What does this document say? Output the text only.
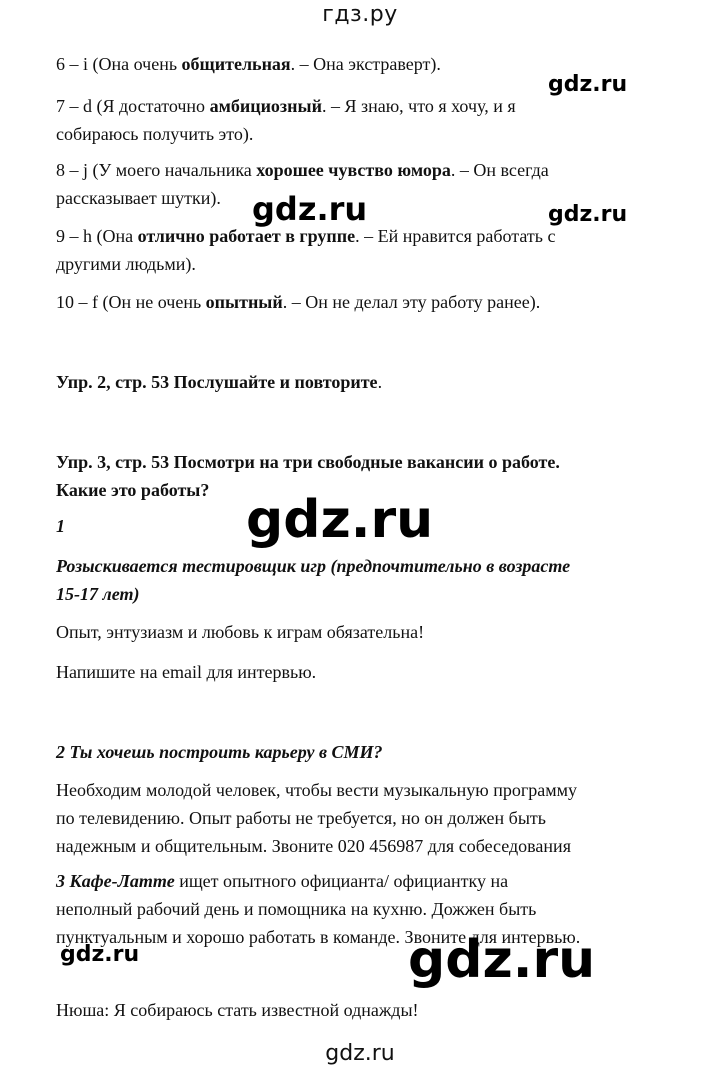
гдз.ру
6 – i (Она очень общительная. – Она экстраверт).
7 – d (Я достаточно амбициозный. – Я знаю, что я хочу, и я
собираюсь получить это).
8 – j (У моего начальника хорошее чувство юмора. – Он всегда
рассказывает шутки).
9 – h (Она отлично работает в группе. – Ей нравится работать с
другими людьми).
10 – f (Он не очень опытный. – Он не делал эту работу ранее).
Упр. 2, стр. 53 Послушайте и повторите.
Упр. 3, стр. 53 Посмотри на три свободные вакансии о работе.
Какие это работы?
1
Розыскивается тестировщик игр (предпочтительно в возрасте
15-17 лет)
Опыт, энтузиазм и любовь к играм обязательна!
Напишите на email для интервью.
2 Ты хочешь построить карьеру в СМИ?
Необходим молодой человек, чтобы вести музыкальную программу
по телевидению. Опыт работы не требуется, но он должен быть
надежным и общительным. Звоните 020 456987 для собеседования
3 Кафе-Латте ищет опытного официанта/ официантку на
неполный рабочий день и помощника на кухню. Дожжен быть
пунктуальным и хорошо работать в команде. Звоните для интервью.
Нюша: Я собираюсь стать известной однажды!
gdz.ru
gdz.ru	gdz.ru
gdz.ru
gdz.ru	gdz.ru
gdz.ru
